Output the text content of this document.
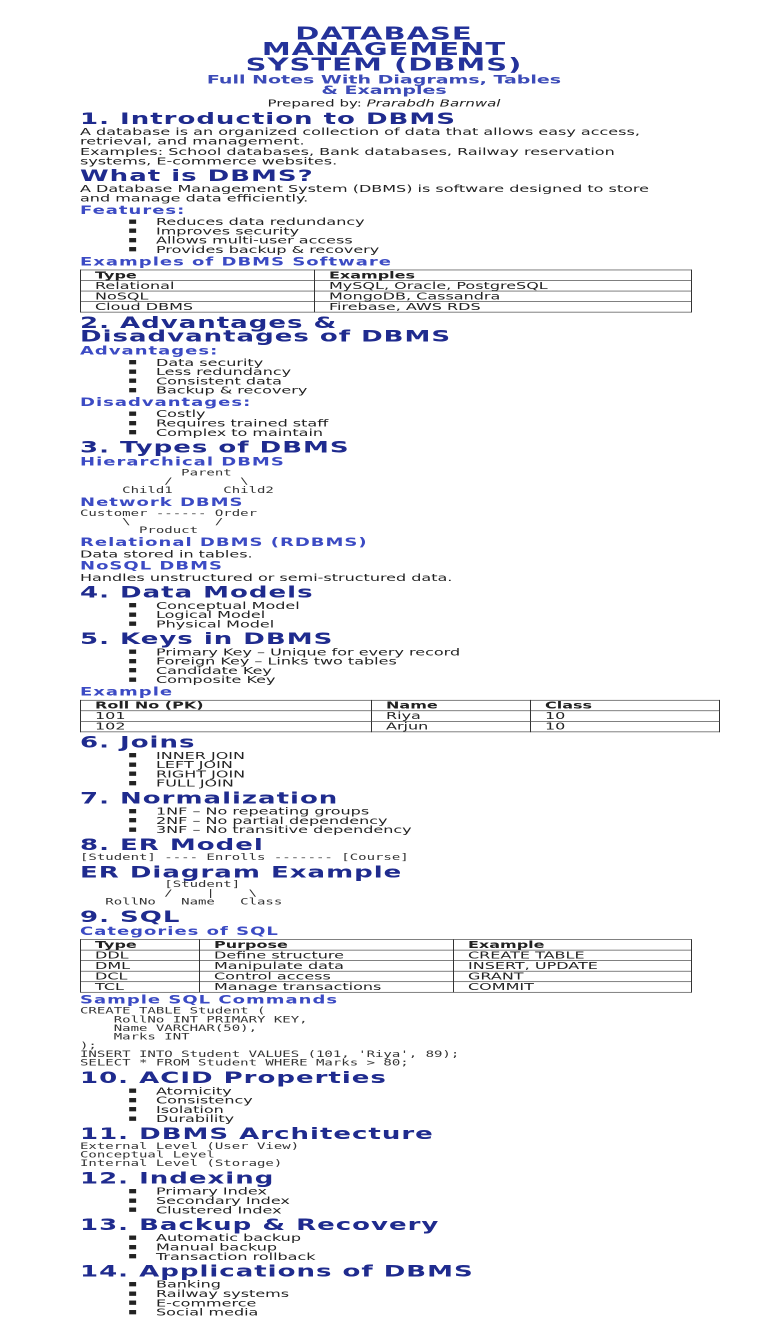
DATABASE
MANAGEMENT
SYSTEM (DBMS)
Full Notes With Diagrams, Tables
& Examples
Prepared by: Prarabdh Barnwal
1. Introduction to DBMS

A database is an organized collection of data that allows easy access, retrieval, and management.

Examples: School databases, Bank databases, Railway reservation systems, E-commerce websites.

What is DBMS?

A Database Management System (DBMS) is software designed to store and manage data efficiently.

Features:
▪ Reduces data redundancy
▪ Improves security
▪ Allows multi-user access
▪ Provides backup & recovery
Examples of DBMS Software
Type	Examples
Relational	MySQL, Oracle, PostgreSQL
NoSQL	MongoDB, Cassandra
Cloud DBMS	Firebase, AWS RDS
2. Advantages &
Disadvantages of DBMS
Advantages:
▪ Data security
▪ Less redundancy
▪ Consistent data
▪ Backup & recovery
Disadvantages:
▪ Costly
▪ Requires trained staff
▪ Complex to maintain
3. Types of DBMS
Hierarchical DBMS
Parent
/        \
Child1      Child2
Network DBMS
Customer ------ Order
\          /
Product
Relational DBMS (RDBMS)

Data stored in tables.

NoSQL DBMS

Handles unstructured or semi-structured data.

4. Data Models
▪ Conceptual Model
▪ Logical Model
▪ Physical Model
5. Keys in DBMS
▪ Primary Key – Unique for every record
▪ Foreign Key – Links two tables
▪ Candidate Key
▪ Composite Key
Example
Roll No (PK)	Name	Class
101	Riya	10
102	Arjun	10
6. Joins
▪ INNER JOIN
▪ LEFT JOIN
▪ RIGHT JOIN
▪ FULL JOIN
7. Normalization
▪ 1NF – No repeating groups
▪ 2NF – No partial dependency
▪ 3NF – No transitive dependency
8. ER Model
[Student] ---- Enrolls ------- [Course]
ER Diagram Example
[Student]
/    |    \
RollNo   Name   Class
9. SQL
Categories of SQL
Type	Purpose	Example
DDL	Define structure	CREATE TABLE
DML	Manipulate data	INSERT, UPDATE
DCL	Control access	GRANT
TCL	Manage transactions	COMMIT
Sample SQL Commands
CREATE TABLE Student (
RollNo INT PRIMARY KEY,
Name VARCHAR(50),
Marks INT
);
INSERT INTO Student VALUES (101, 'Riya', 89);
SELECT * FROM Student WHERE Marks > 80;
10. ACID Properties
▪ Atomicity
▪ Consistency
▪ Isolation
▪ Durability
11. DBMS Architecture
External Level (User View)
Conceptual Level
Internal Level (Storage)
12. Indexing
▪ Primary Index
▪ Secondary Index
▪ Clustered Index
13. Backup & Recovery
▪ Automatic backup
▪ Manual backup
▪ Transaction rollback
14. Applications of DBMS
▪ Banking
▪ Railway systems
▪ E-commerce
▪ Social media
